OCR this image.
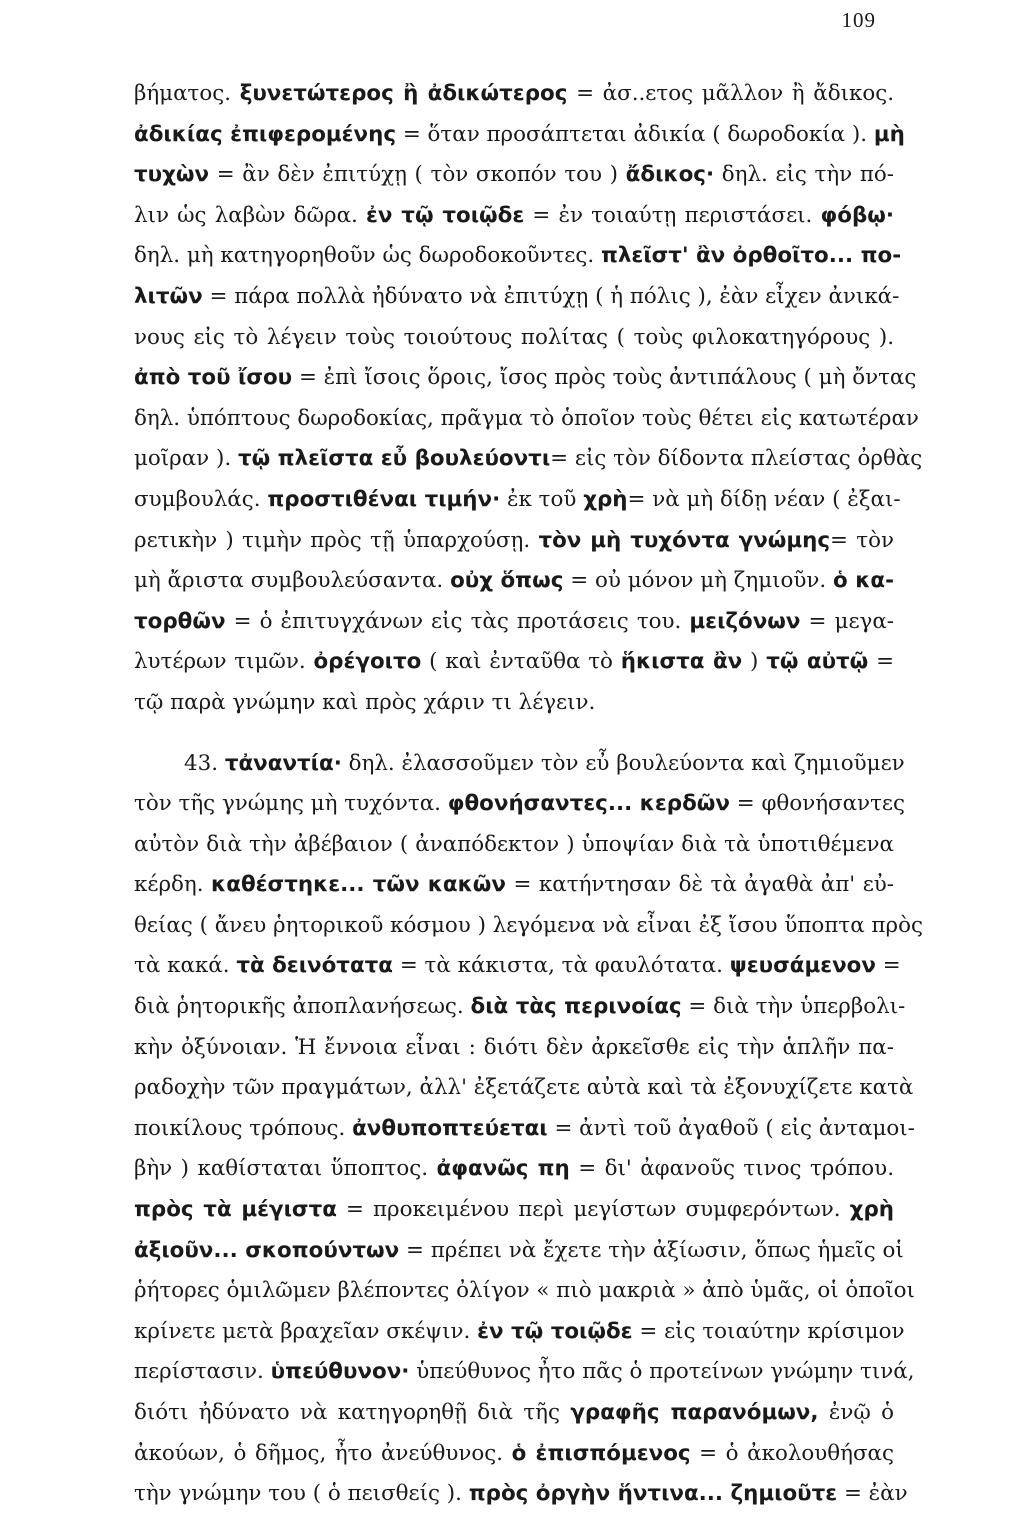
109
βήματος. ξυνετώτερος ἢ ἀδικώτερος = ἀσ..ετος μᾶλλον ἢ ἄδικος.
ἀδικίας ἐπιφερομένης = ὅταν προσάπτεται ἀδικία ( δωροδοκία ). μὴ
τυχὼν = ἂν δὲν ἐπιτύχῃ ( τὸν σκοπόν του ) ἄδικος· δηλ. εἰς τὴν πό-
λιν ὡς λαβὼν δῶρα. ἐν τῷ τοιῷδε = ἐν τοιαύτῃ περιστάσει. φόβῳ·
δηλ. μὴ κατηγορηθοῦν ὡς δωροδοκοῦντες. πλεῖστ' ἂν ὀρθοῖτο... πο-
λιτῶν = πάρα πολλὰ ἠδύνατο νὰ ἐπιτύχῃ ( ἡ πόλις ), ἐὰν εἶχεν ἀνικά-
νους εἰς τὸ λέγειν τοὺς τοιούτους πολίτας ( τοὺς φιλοκατηγόρους ).
ἀπὸ τοῦ ἴσου = ἐπὶ ἴσοις ὅροις, ἴσος πρὸς τοὺς ἀντιπάλους ( μὴ ὄντας
δηλ. ὑπόπτους δωροδοκίας, πρᾶγμα τὸ ὁποῖον τοὺς θέτει εἰς κατωτέραν
μοῖραν ). τῷ πλεῖστα εὖ βουλεύοντι= εἰς τὸν δίδοντα πλείστας ὀρθὰς
συμβουλάς. προστιθέναι τιμήν· ἐκ τοῦ χρὴ= νὰ μὴ δίδῃ νέαν ( ἐξαι-
ρετικὴν ) τιμὴν πρὸς τῇ ὑπαρχούσῃ. τὸν μὴ τυχόντα γνώμης= τὸν
μὴ ἄριστα συμβουλεύσαντα. οὐχ ὅπως = οὐ μόνον μὴ ζημιοῦν. ὁ κα-
τορθῶν = ὁ ἐπιτυγχάνων εἰς τὰς προτάσεις του. μειζόνων = μεγα-
λυτέρων τιμῶν. ὀρέγοιτο ( καὶ ἐνταῦθα τὸ ἥκιστα ἂν ) τῷ αὐτῷ =
τῷ παρὰ γνώμην καὶ πρὸς χάριν τι λέγειν.
43. τἀναντία· δηλ. ἐλασσοῦμεν τὸν εὖ βουλεύοντα καὶ ζημιοῦμεν
τὸν τῆς γνώμης μὴ τυχόντα. φθονήσαντες... κερδῶν = φθονήσαντες
αὐτὸν διὰ τὴν ἀβέβαιον ( ἀναπόδεκτον ) ὑποψίαν διὰ τὰ ὑποτιθέμενα
κέρδη. καθέστηκε... τῶν κακῶν = κατήντησαν δὲ τὰ ἀγαθὰ ἀπ' εὐ-
θείας ( ἄνευ ῥητορικοῦ κόσμου ) λεγόμενα νὰ εἶναι ἐξ ἴσου ὕποπτα πρὸς
τὰ κακά. τὰ δεινότατα = τὰ κάκιστα, τὰ φαυλότατα. ψευσάμενον =
διὰ ῥητορικῆς ἀποπλανήσεως. διὰ τὰς περινοίας = διὰ τὴν ὑπερβολι-
κὴν ὀξύνοιαν. Ἡ ἔννοια εἶναι : διότι δὲν ἀρκεῖσθε εἰς τὴν ἁπλῆν πα-
ραδοχὴν τῶν πραγμάτων, ἀλλ' ἐξετάζετε αὐτὰ καὶ τὰ ἐξονυχίζετε κατὰ
ποικίλους τρόπους. ἀνθυποπτεύεται = ἀντὶ τοῦ ἀγαθοῦ ( εἰς ἀνταμοι-
βὴν ) καθίσταται ὕποπτος. ἀφανῶς πη = δι' ἀφανοῦς τινος τρόπου.
πρὸς τὰ μέγιστα = προκειμένου περὶ μεγίστων συμφερόντων. χρὴ
ἀξιοῦν... σκοπούντων = πρέπει νὰ ἔχετε τὴν ἀξίωσιν, ὅπως ἡμεῖς οἱ
ῥήτορες ὁμιλῶμεν βλέποντες ὀλίγον « πιὸ μακριὰ » ἀπὸ ὑμᾶς, οἱ ὁποῖοι
κρίνετε μετὰ βραχεῖαν σκέψιν. ἐν τῷ τοιῷδε = εἰς τοιαύτην κρίσιμον
περίστασιν. ὑπεύθυνον· ὑπεύθυνος ἦτο πᾶς ὁ προτείνων γνώμην τινά,
διότι ἠδύνατο νὰ κατηγορηθῇ διὰ τῆς γραφῆς παρανόμων, ἐνῷ ὁ
ἀκούων, ὁ δῆμος, ἦτο ἀνεύθυνος. ὁ ἐπισπόμενος = ὁ ἀκολουθήσας
τὴν γνώμην του ( ὁ πεισθείς ). πρὸς ὀργὴν ἥντινα... ζημιοῦτε = ἐὰν
